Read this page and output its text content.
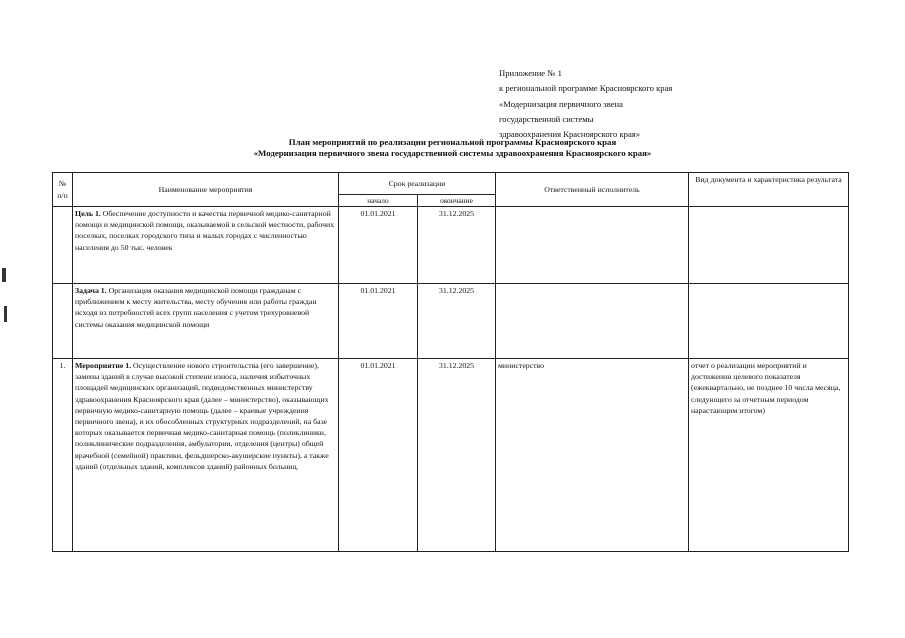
Приложение № 1
к региональной программе Красноярского края
«Модернизация первичного звена
государственной системы
здравоохранения Красноярского края»
План мероприятий по реализации региональной программы Красноярского края
«Модернизация первичного звена государственной системы здравоохранения Красноярского края»
№
п/п	Наименование мероприятия	Срок реализации		Ответственный исполнитель	Вид документа и характеристика результата
		начало	окончание		
	Цель 1. Обеспечение доступности и качества первичной медико-санитарной помощи и медицинской помощи, оказываемой в сельской местности, рабочих поселках, поселках городского типа и малых городах с численностью населения до 50 тыс. человек	01.01.2021	31.12.2025		
	Задача 1. Организация оказания медицинской помощи гражданам с приближением к месту жительства, месту обучения или работы граждан исходя из потребностей всех групп населения с учетом трехуровневой системы оказания медицинской помощи	01.01.2021	31.12.2025		
1.	Мероприятие 1. Осуществление нового строительства (его завершение), замены зданий в случае высокой степени износа, наличия избыточных площадей медицинских организаций, подведомственных министерству здравоохранения Красноярского края (далее – министерство), оказывающих первичную медико-санитарную помощь (далее – краевые учреждения первичного звена), и их обособленных структурных подразделений, на базе которых оказывается первичная медико-санитарная помощь (поликлиники, поликлинические подразделения, амбулатории, отделения (центры) общей врачебной (семейной) практики, фельдшерско-акушерские пункты), а также зданий (отдельных зданий, комплексов зданий) районных больниц.	01.01.2021	31.12.2025	министерство	отчет о реализации мероприятий и достижении целевого показателя (ежеквартально, не позднее 10 числа месяца, следующего за отчетным периодом нарастающим итогом)
